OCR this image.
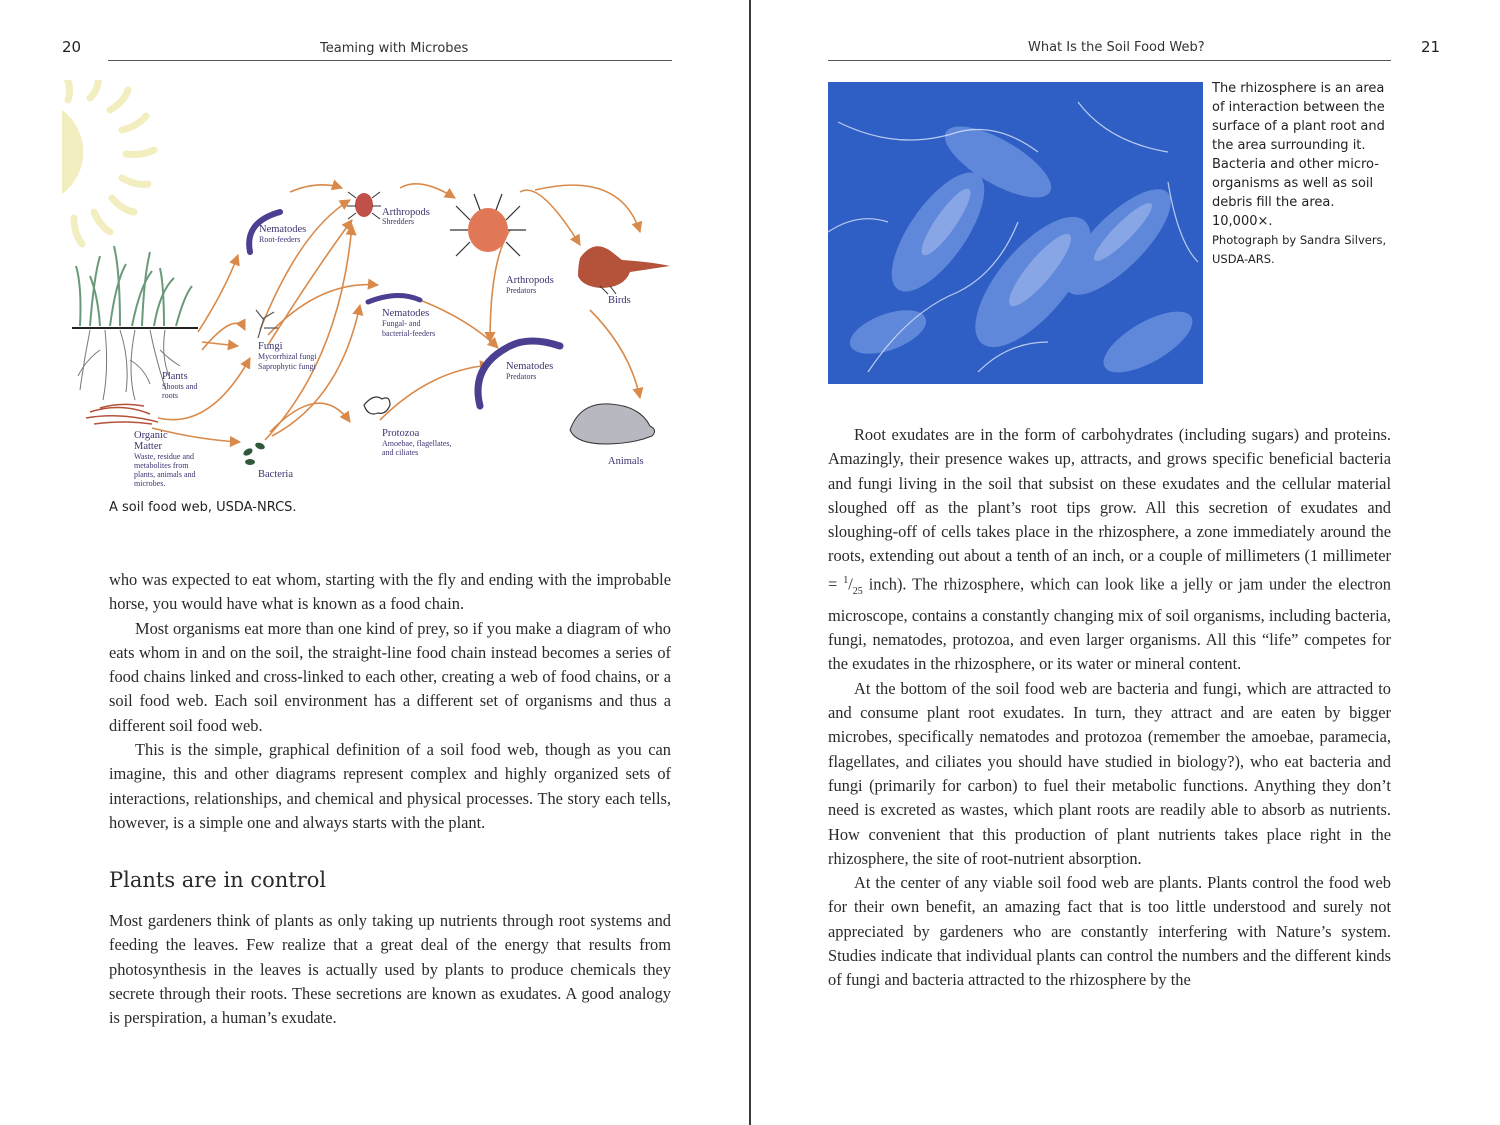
20	Teaming with Microbes
Nematodes
Root-feeders
Arthropods
Shredders
Arthropods
Predators
Birds
Fungi
Mycorrhizal fungi
Saprophytic fungi
Nematodes
Fungal- and
bacterial-feeders
Nematodes
Predators
Plants
Shoots and
roots
Organic
Matter
Waste, residue and
metabolites from
plants, animals and
microbes.
Protozoa
Amoebae, flagellates,
and ciliates
Bacteria
Animals
A soil food web, USDA-NRCS.

who was expected to eat whom, starting with the fly and ending with the improbable horse, you would have what is known as a food chain.

Most organisms eat more than one kind of prey, so if you make a diagram of who eats whom in and on the soil, the straight-line food chain instead becomes a series of food chains linked and cross-linked to each other, creating a web of food chains, or a soil food web. Each soil environment has a different set of organisms and thus a different soil food web.

This is the simple, graphical definition of a soil food web, though as you can imagine, this and other diagrams represent complex and highly organized sets of interactions, relationships, and chemical and physical processes. The story each tells, however, is a simple one and always starts with the plant.

Plants are in control

Most gardeners think of plants as only taking up nutrients through root systems and feeding the leaves. Few realize that a great deal of the energy that results from photosynthesis in the leaves is actually used by plants to produce chemicals they secrete through their roots. These secretions are known as exudates. A good analogy is perspiration, a human’s exudate.

What Is the Soil Food Web?	21
The rhizosphere is an area of interaction between the surface of a plant root and the area surrounding it. Bacteria and other micro-organisms as well as soil debris fill the area. 10,000×.
Photograph by Sandra Silvers, USDA-ARS.

Root exudates are in the form of carbohydrates (including sugars) and proteins. Amazingly, their presence wakes up, attracts, and grows specific beneficial bacteria and fungi living in the soil that subsist on these exudates and the cellular material sloughed off as the plant’s root tips grow. All this secretion of exudates and sloughing-off of cells takes place in the rhizosphere, a zone immediately around the roots, extending out about a tenth of an inch, or a couple of millimeters (1 millimeter = $^1/_{25}$ inch). The rhizosphere, which can look like a jelly or jam under the electron microscope, contains a constantly changing mix of soil organisms, including bacteria, fungi, nematodes, protozoa, and even larger organisms. All this “life” competes for the exudates in the rhizosphere, or its water or mineral content.

At the bottom of the soil food web are bacteria and fungi, which are attracted to and consume plant root exudates. In turn, they attract and are eaten by bigger microbes, specifically nematodes and protozoa (remember the amoebae, paramecia, flagellates, and ciliates you should have studied in biology?), who eat bacteria and fungi (primarily for carbon) to fuel their metabolic functions. Anything they don’t need is excreted as wastes, which plant roots are readily able to absorb as nutrients. How convenient that this production of plant nutrients takes place right in the rhizosphere, the site of root-nutrient absorption.

At the center of any viable soil food web are plants. Plants control the food web for their own benefit, an amazing fact that is too little understood and surely not appreciated by gardeners who are constantly interfering with Nature’s system. Studies indicate that individual plants can control the numbers and the different kinds of fungi and bacteria attracted to the rhizosphere by the
